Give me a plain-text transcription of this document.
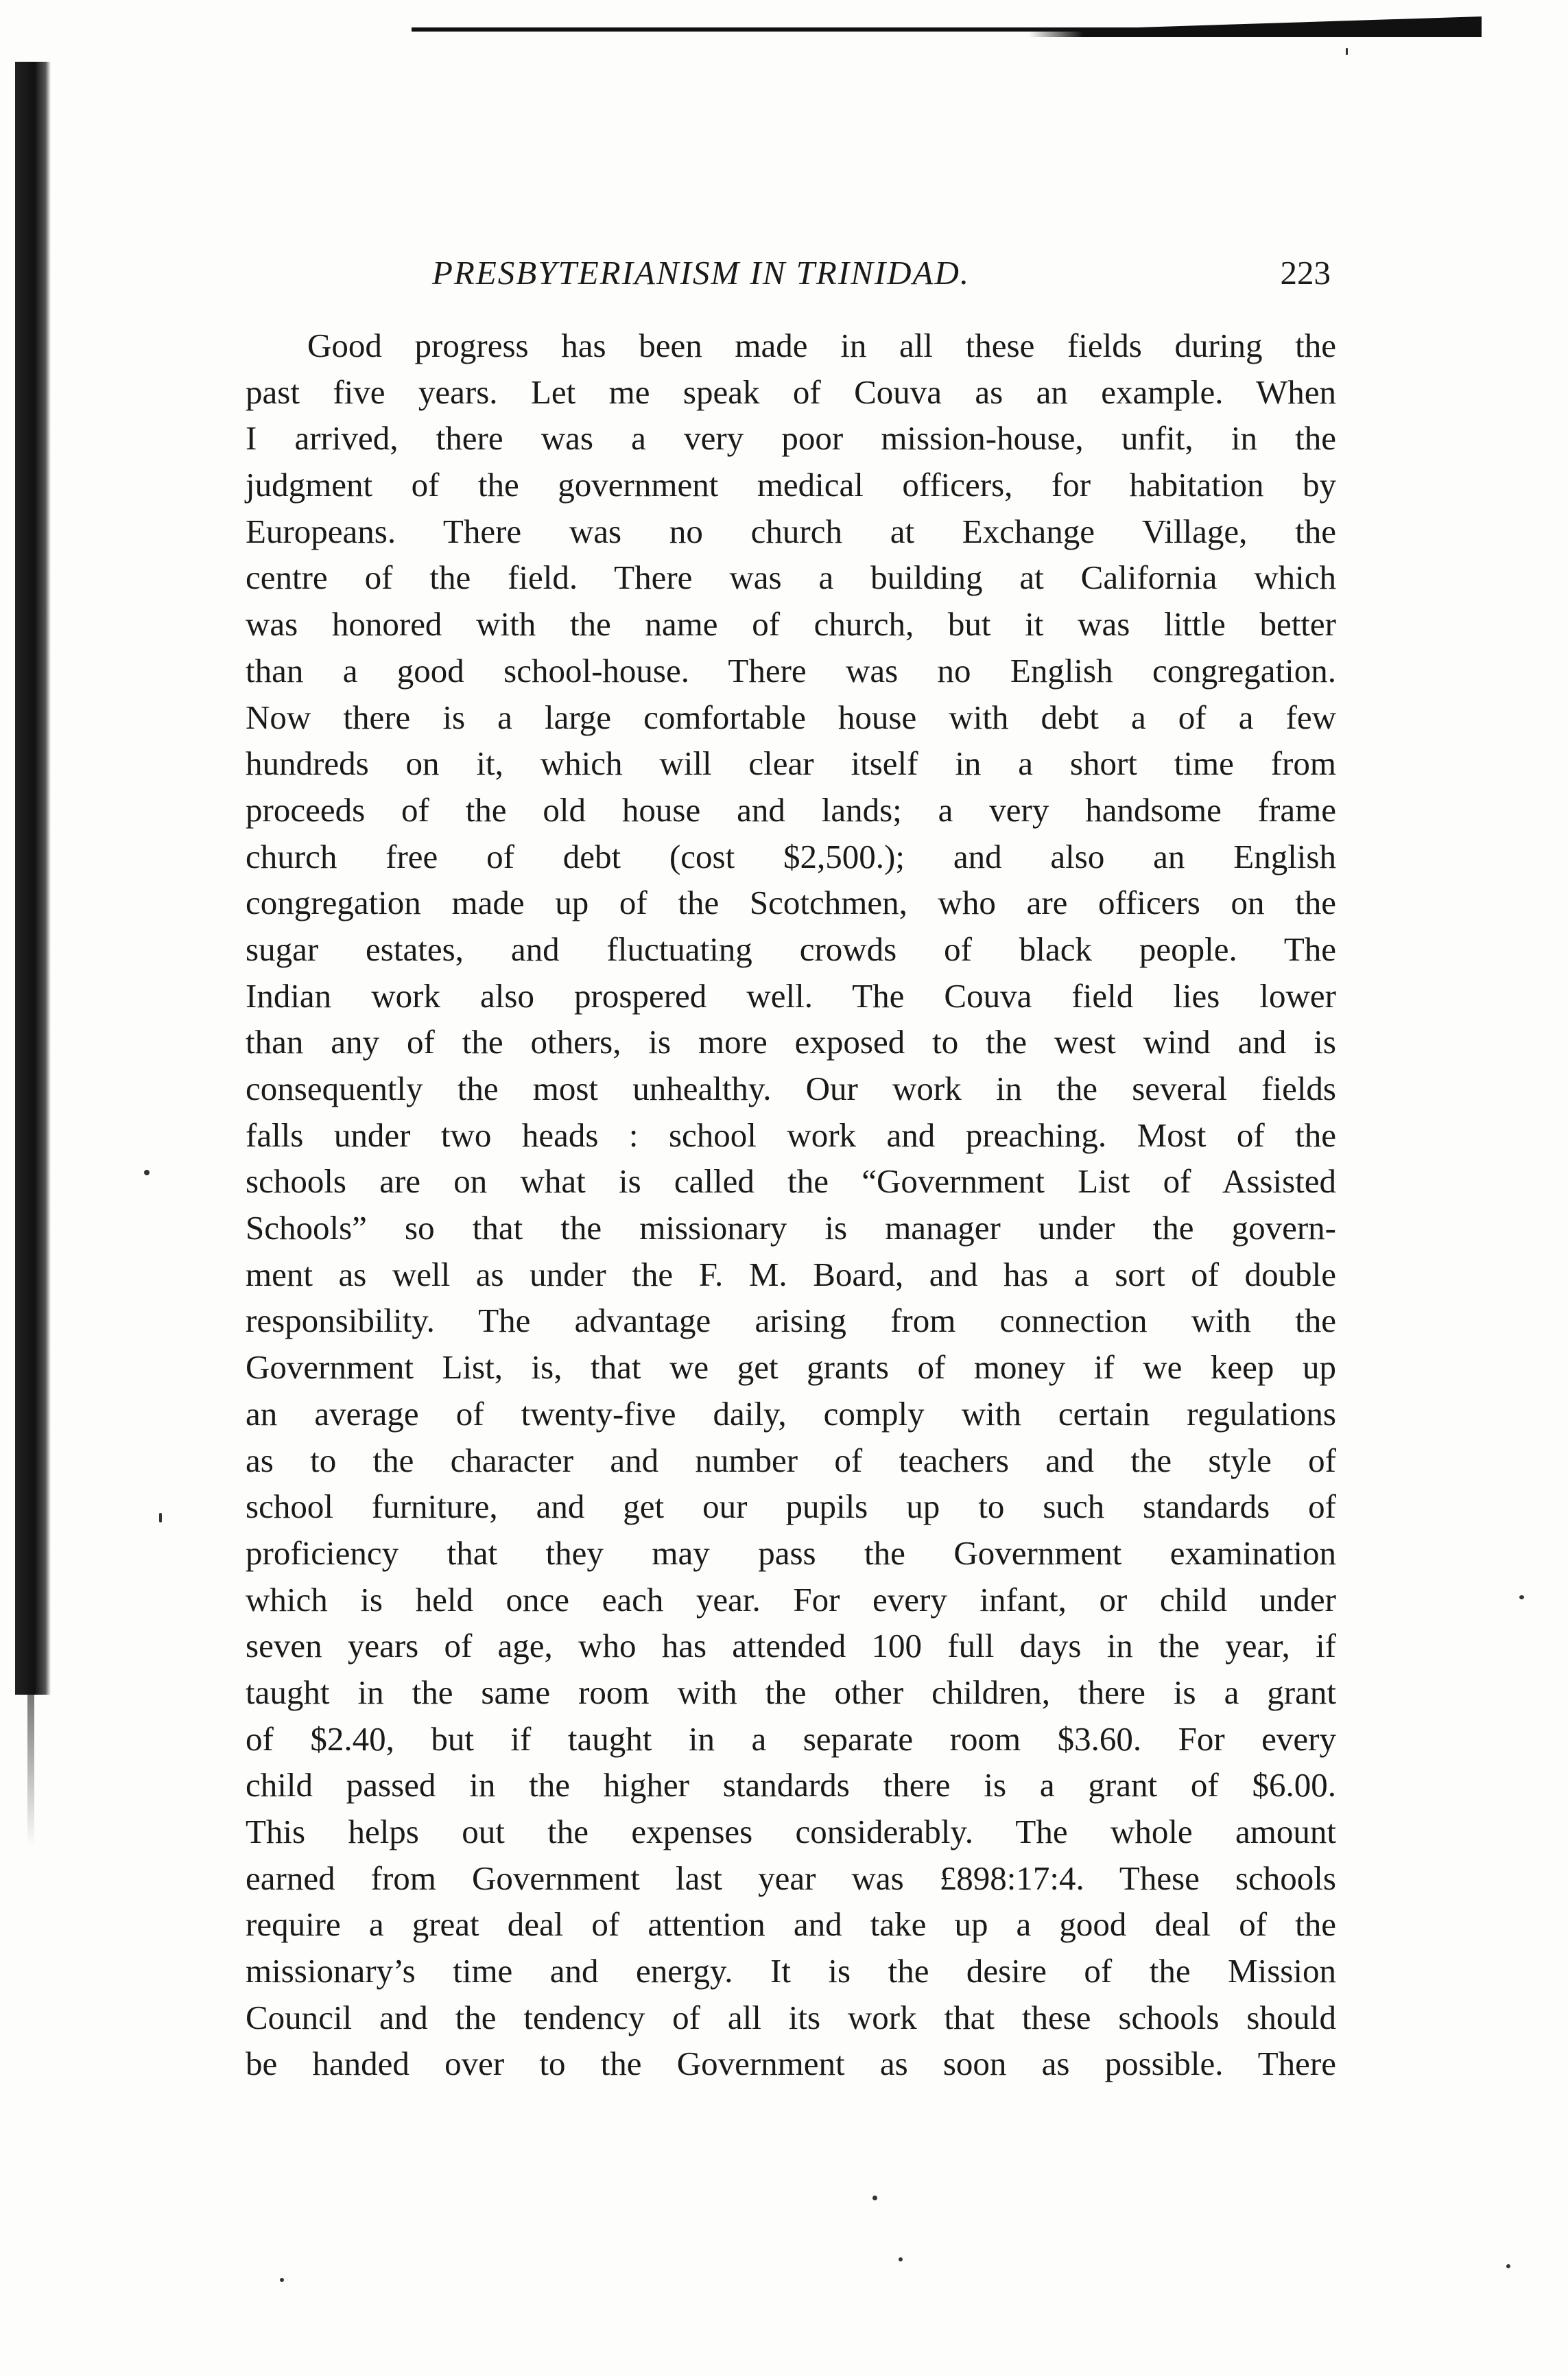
PRESBYTERIANISM IN TRINIDAD.	223
Good progress has been made in all these fields during the
past five years. Let me speak of Couva as an example. When
I arrived, there was a very poor mission-house, unfit, in the
judgment of the government medical officers, for habitation by
Europeans. There was no church at Exchange Village, the
centre of the field. There was a building at California which
was honored with the name of church, but it was little better
than a good school-house. There was no English congregation.
Now there is a large comfortable house with debt a of a few
hundreds on it, which will clear itself in a short time from
proceeds of the old house and lands; a very handsome frame
church free of debt (cost $2,500.); and also an English
congregation made up of the Scotchmen, who are officers on the
sugar estates, and fluctuating crowds of black people. The
Indian work also prospered well. The Couva field lies lower
than any of the others, is more exposed to the west wind and is
consequently the most unhealthy. Our work in the several fields
falls under two heads : school work and preaching. Most of the
schools are on what is called the “Government List of Assisted
Schools” so that the missionary is manager under the govern-
ment as well as under the F. M. Board, and has a sort of double
responsibility. The advantage arising from connection with the
Government List, is, that we get grants of money if we keep up
an average of twenty-five daily, comply with certain regulations
as to the character and number of teachers and the style of
school furniture, and get our pupils up to such standards of
proficiency that they may pass the Government examination
which is held once each year. For every infant, or child under
seven years of age, who has attended 100 full days in the year, if
taught in the same room with the other children, there is a grant
of $2.40, but if taught in a separate room $3.60. For every
child passed in the higher standards there is a grant of $6.00.
This helps out the expenses considerably. The whole amount
earned from Government last year was £898:17:4. These schools
require a great deal of attention and take up a good deal of the
missionary’s time and energy. It is the desire of the Mission
Council and the tendency of all its work that these schools should
be handed over to the Government as soon as possible. There
